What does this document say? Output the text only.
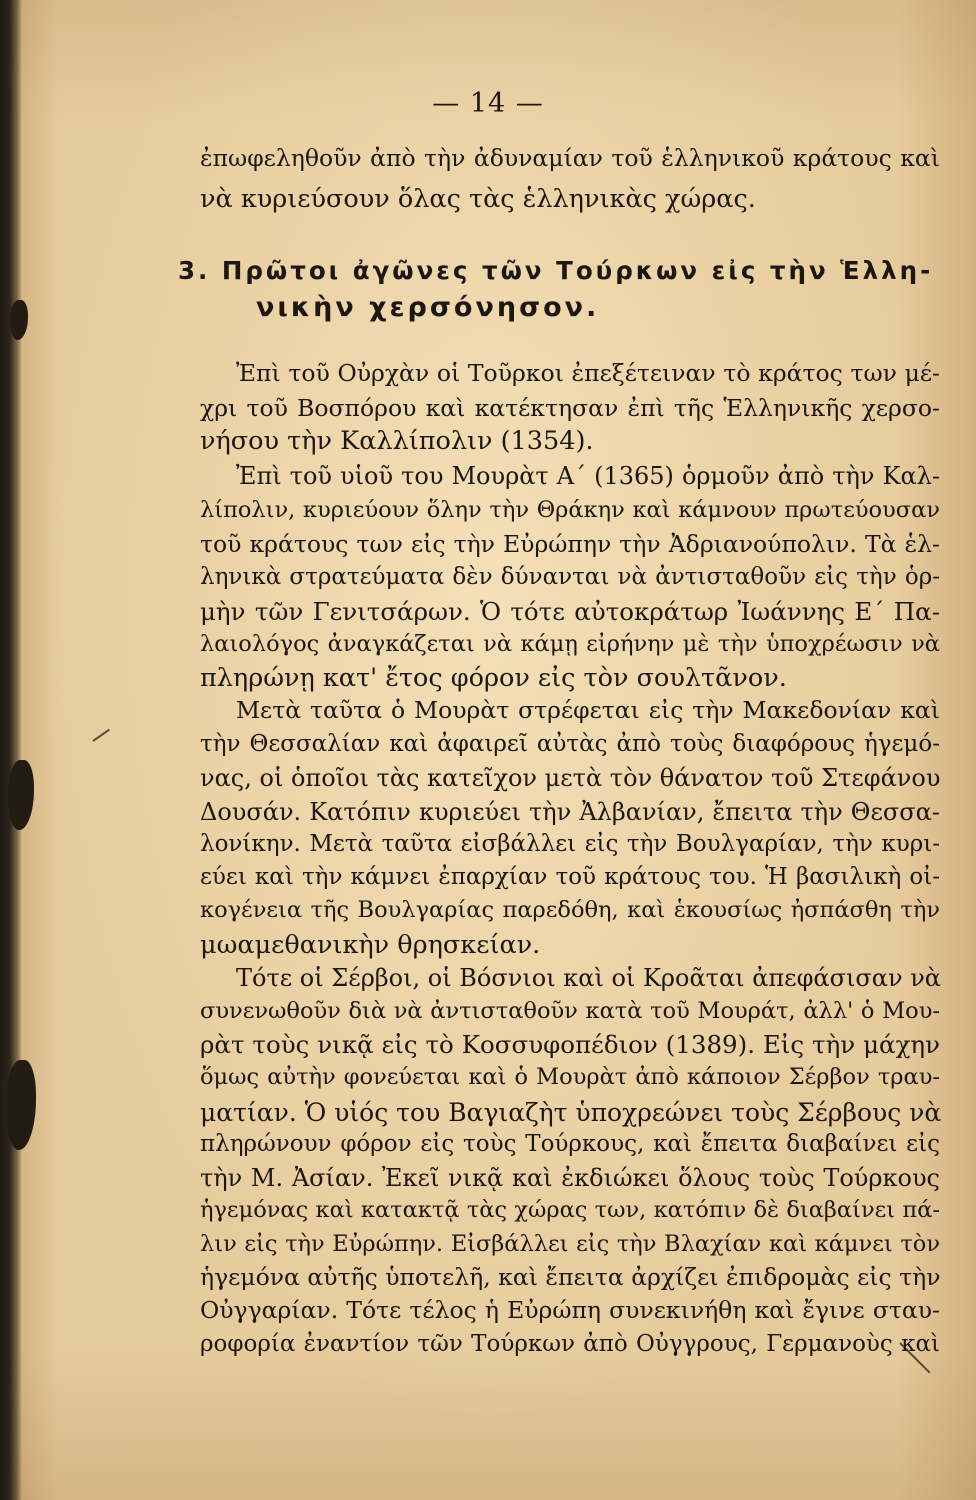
— 14 —
ἐπωφεληθοῦν ἀπὸ τὴν ἀδυναμίαν τοῦ ἑλληνικοῦ κράτους καὶ
νὰ κυριεύσουν ὅλας τὰς ἑλληνικὰς χώρας.
3. Πρῶτοι ἀγῶνες τῶν Τούρκων εἰς τὴν Ἑλλη-
νικὴν χερσόνησον.
Ἐπὶ τοῦ Οὐρχὰν οἱ Τοῦρκοι ἐπεξέτειναν τὸ κράτος των μέ-
χρι τοῦ Βοσπόρου καὶ κατέκτησαν ἐπὶ τῆς Ἑλληνικῆς χερσο-
νήσου τὴν Καλλίπολιν (1354).
Ἐπὶ τοῦ υἱοῦ του Μουρὰτ Α΄ (1365) ὁρμοῦν ἀπὸ τὴν Καλ-
λίπολιν, κυριεύουν ὅλην τὴν Θράκην καὶ κάμνουν πρωτεύουσαν
τοῦ κράτους των εἰς τὴν Εὐρώπην τὴν Ἀδριανούπολιν. Τὰ ἑλ-
ληνικὰ στρατεύματα δὲν δύνανται νὰ ἀντισταθοῦν εἰς τὴν ὁρ-
μὴν τῶν Γενιτσάρων. Ὁ τότε αὐτοκράτωρ Ἰωάννης Ε΄ Πα-
λαιολόγος ἀναγκάζεται νὰ κάμῃ εἰρήνην μὲ τὴν ὑποχρέωσιν νὰ
πληρώνῃ κατ' ἔτος φόρον εἰς τὸν σουλτᾶνον.
Μετὰ ταῦτα ὁ Μουρὰτ στρέφεται εἰς τὴν Μακεδονίαν καὶ
τὴν Θεσσαλίαν καὶ ἀφαιρεῖ αὐτὰς ἀπὸ τοὺς διαφόρους ἡγεμό-
νας, οἱ ὁποῖοι τὰς κατεῖχον μετὰ τὸν θάνατον τοῦ Στεφάνου
Δουσάν. Κατόπιν κυριεύει τὴν Ἀλβανίαν, ἔπειτα τὴν Θεσσα-
λονίκην. Μετὰ ταῦτα εἰσβάλλει εἰς τὴν Βουλγαρίαν, τὴν κυρι-
εύει καὶ τὴν κάμνει ἐπαρχίαν τοῦ κράτους του. Ἡ βασιλικὴ οἰ-
κογένεια τῆς Βουλγαρίας παρεδόθη, καὶ ἑκουσίως ἠσπάσθη τὴν
μωαμεθανικὴν θρησκείαν.
Τότε οἱ Σέρβοι, οἱ Βόσνιοι καὶ οἱ Κροᾶται ἀπεφάσισαν νὰ
συνενωθοῦν διὰ νὰ ἀντισταθοῦν κατὰ τοῦ Μουράτ, ἀλλ' ὁ Μου-
ρὰτ τοὺς νικᾷ εἰς τὸ Κοσσυφοπέδιον (1389). Εἰς τὴν μάχην
ὅμως αὐτὴν φονεύεται καὶ ὁ Μουρὰτ ἀπὸ κάποιον Σέρβον τραυ-
ματίαν. Ὁ υἱός του Βαγιαζὴτ ὑποχρεώνει τοὺς Σέρβους νὰ
πληρώνουν φόρον εἰς τοὺς Τούρκους, καὶ ἔπειτα διαβαίνει εἰς
τὴν Μ. Ἀσίαν. Ἐκεῖ νικᾷ καὶ ἐκδιώκει ὅλους τοὺς Τούρκους
ἡγεμόνας καὶ κατακτᾷ τὰς χώρας των, κατόπιν δὲ διαβαίνει πά-
λιν εἰς τὴν Εὐρώπην. Εἰσβάλλει εἰς τὴν Βλαχίαν καὶ κάμνει τὸν
ἡγεμόνα αὐτῆς ὑποτελῆ, καὶ ἔπειτα ἀρχίζει ἐπιδρομὰς εἰς τὴν
Οὐγγαρίαν. Τότε τέλος ἡ Εὐρώπη συνεκινήθη καὶ ἔγινε σταυ-
ροφορία ἐναντίον τῶν Τούρκων ἀπὸ Οὐγγρους, Γερμανοὺς καὶ
